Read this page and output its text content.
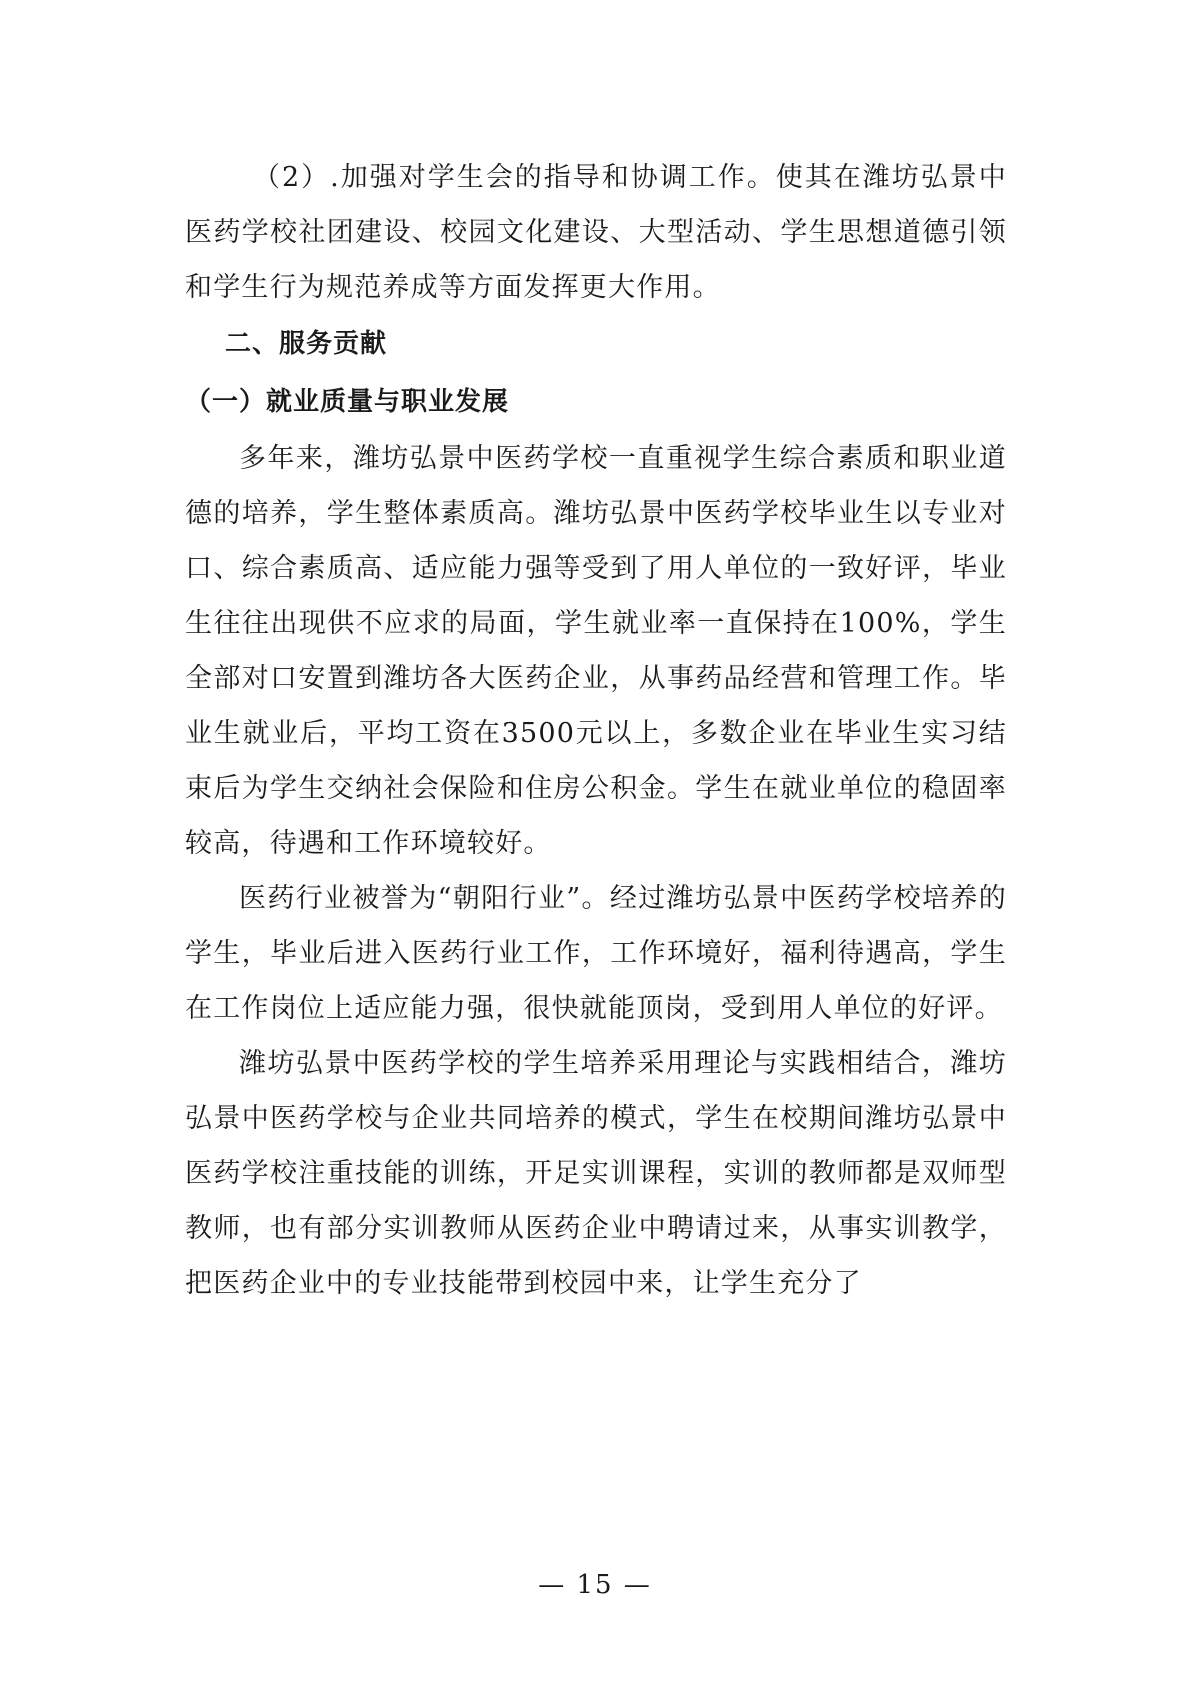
（2）.加强对学生会的指导和协调工作。使其在潍坊弘景中医药学校社团建设、校园文化建设、大型活动、学生思想道德引领和学生行为规范养成等方面发挥更大作用。

二、服务贡献
（一）就业质量与职业发展

多年来，潍坊弘景中医药学校一直重视学生综合素质和职业道德的培养，学生整体素质高。潍坊弘景中医药学校毕业生以专业对口、综合素质高、适应能力强等受到了用人单位的一致好评，毕业生往往出现供不应求的局面，学生就业率一直保持在100%，学生全部对口安置到潍坊各大医药企业，从事药品经营和管理工作。毕业生就业后，平均工资在3500元以上，多数企业在毕业生实习结束后为学生交纳社会保险和住房公积金。学生在就业单位的稳固率较高，待遇和工作环境较好。

医药行业被誉为“朝阳行业”。经过潍坊弘景中医药学校培养的学生，毕业后进入医药行业工作，工作环境好，福利待遇高，学生在工作岗位上适应能力强，很快就能顶岗，受到用人单位的好评。

潍坊弘景中医药学校的学生培养采用理论与实践相结合，潍坊弘景中医药学校与企业共同培养的模式，学生在校期间潍坊弘景中医药学校注重技能的训练，开足实训课程，实训的教师都是双师型教师，也有部分实训教师从医药企业中聘请过来，从事实训教学，把医药企业中的专业技能带到校园中来，让学生充分了

— 15 —
